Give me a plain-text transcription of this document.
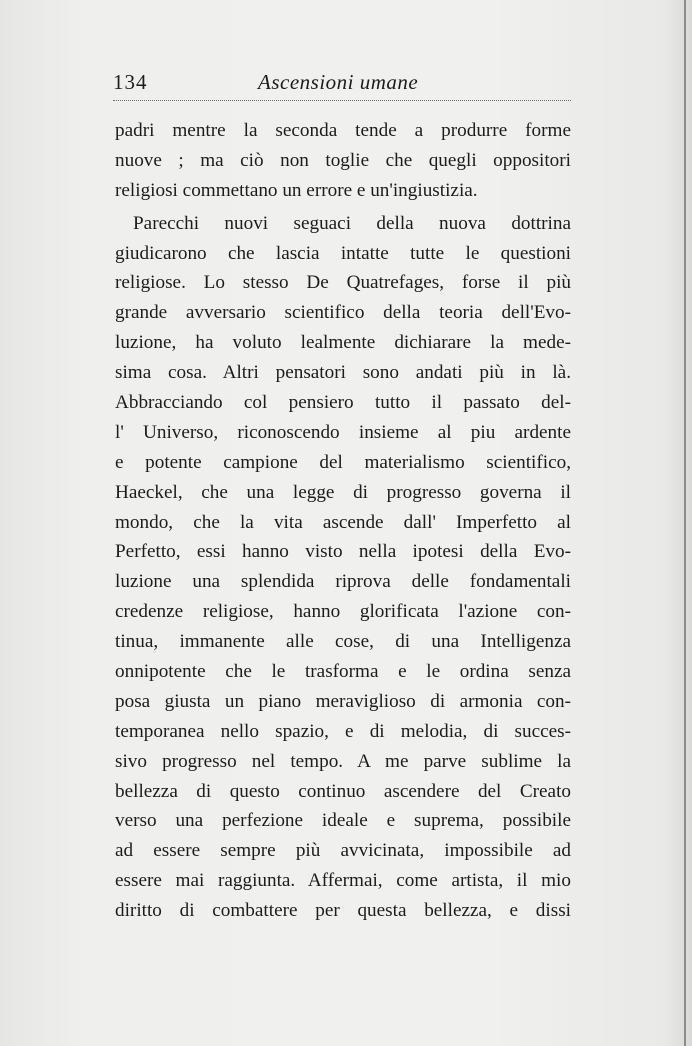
134	Ascensioni umane
padri mentre la seconda tende a produrre forme
nuove ; ma ciò non toglie che quegli oppositori
religiosi commettano un errore e un'ingiustizia.
Parecchi nuovi seguaci della nuova dottrina
giudicarono che lascia intatte tutte le questioni
religiose. Lo stesso De Quatrefages, forse il più
grande avversario scientifico della teoria dell'Evo-
luzione, ha voluto lealmente dichiarare la mede-
sima cosa. Altri pensatori sono andati più in là.
Abbracciando col pensiero tutto il passato del-
l' Universo, riconoscendo insieme al piu ardente
e potente campione del materialismo scientifico,
Haeckel, che una legge di progresso governa il
mondo, che la vita ascende dall' Imperfetto al
Perfetto, essi hanno visto nella ipotesi della Evo-
luzione una splendida riprova delle fondamentali
credenze religiose, hanno glorificata l'azione con-
tinua, immanente alle cose, di una Intelligenza
onnipotente che le trasforma e le ordina senza
posa giusta un piano meraviglioso di armonia con-
temporanea nello spazio, e di melodia, di succes-
sivo progresso nel tempo. A me parve sublime la
bellezza di questo continuo ascendere del Creato
verso una perfezione ideale e suprema, possibile
ad essere sempre più avvicinata, impossibile ad
essere mai raggiunta. Affermai, come artista, il mio
diritto di combattere per questa bellezza, e dissi
